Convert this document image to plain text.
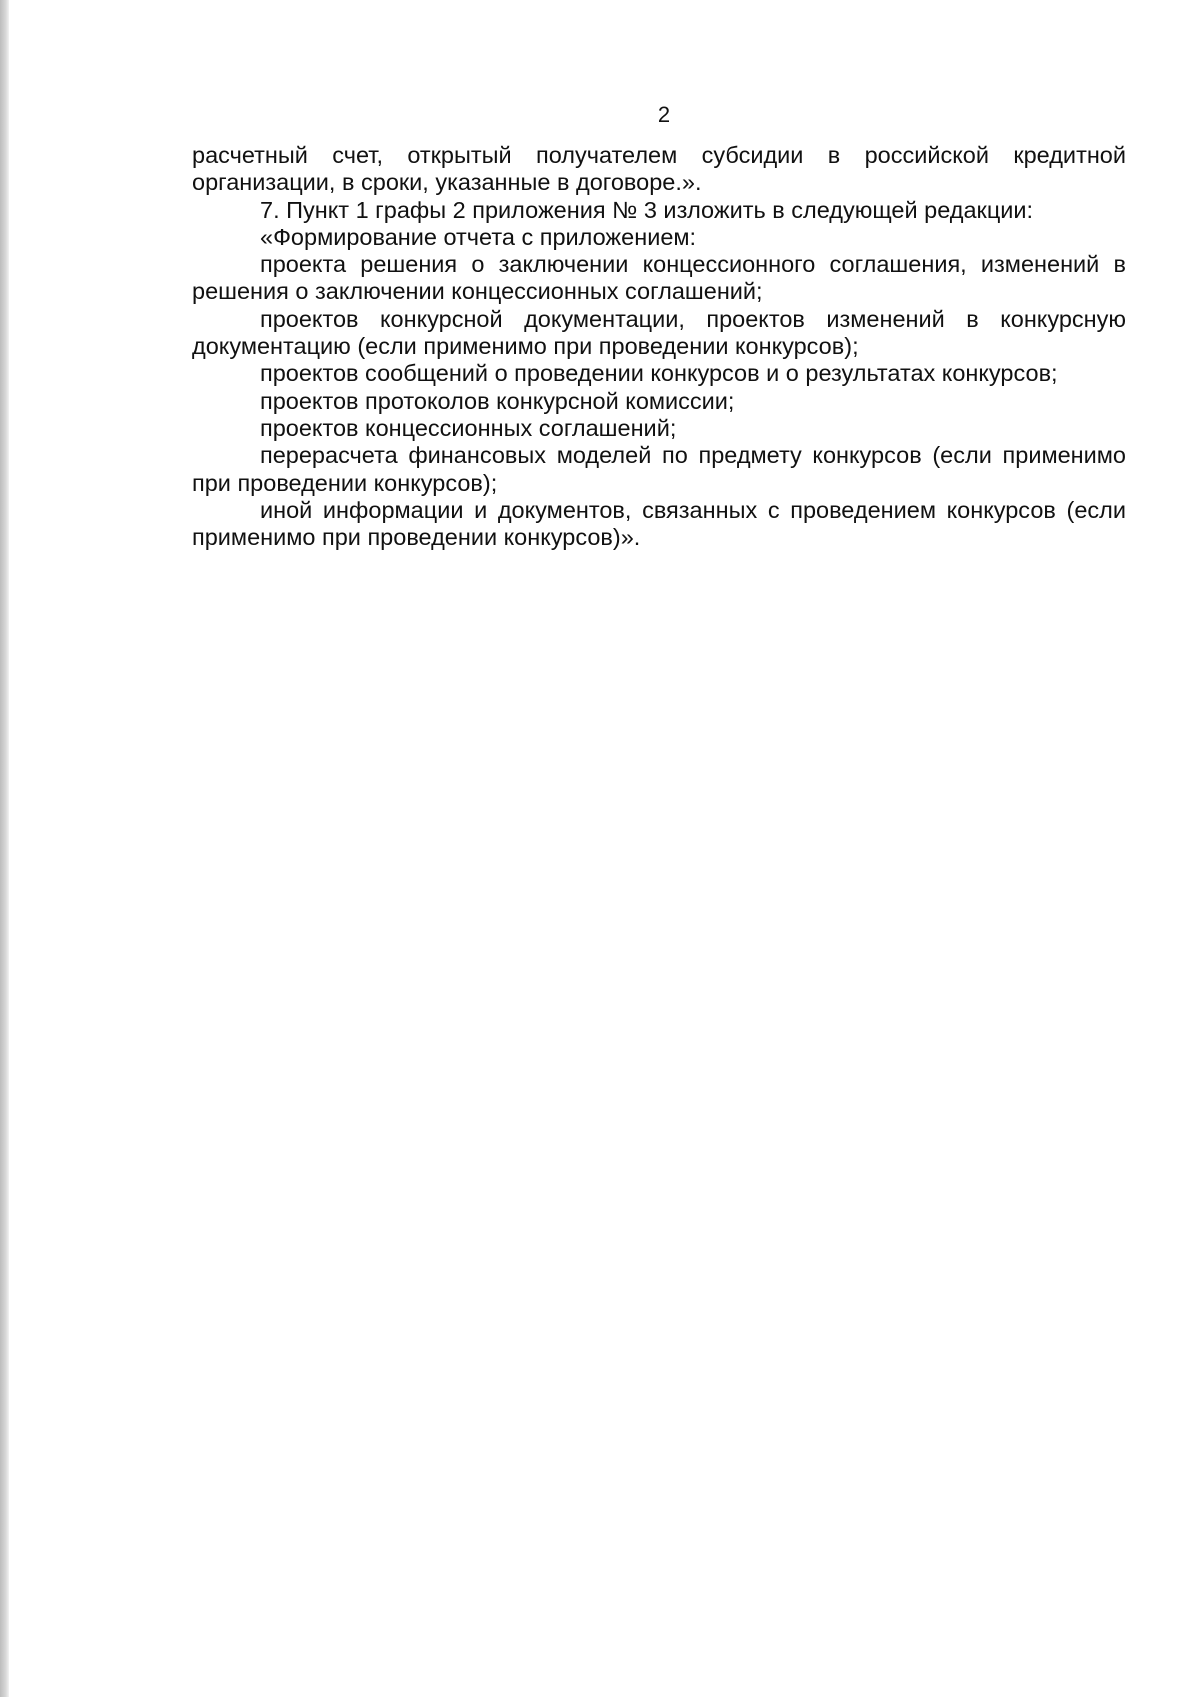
2

расчетный счет, открытый получателем субсидии в российской кредитной организации, в сроки, указанные в договоре.».

7. Пункт 1 графы 2 приложения № 3 изложить в следующей редакции:

«Формирование отчета с приложением:

проекта решения о заключении концессионного соглашения, изменений в решения о заключении концессионных соглашений;

проектов конкурсной документации, проектов изменений в конкурсную документацию (если применимо при проведении конкурсов);

проектов сообщений о проведении конкурсов и о результатах конкурсов;

проектов протоколов конкурсной комиссии;

проектов концессионных соглашений;

перерасчета финансовых моделей по предмету конкурсов (если применимо при проведении конкурсов);

иной информации и документов, связанных с проведением конкурсов (если применимо при проведении конкурсов)».
